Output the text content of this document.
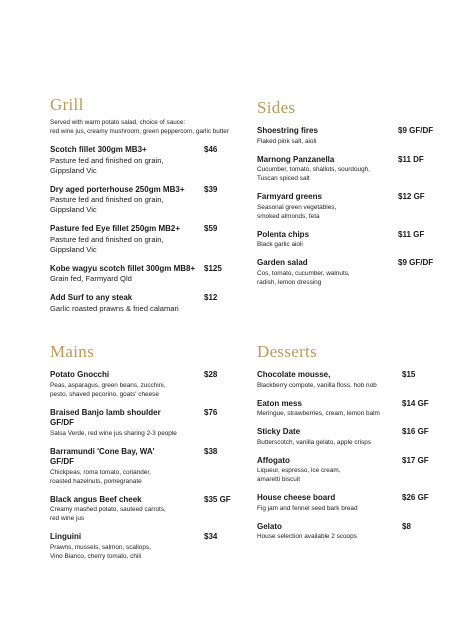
Grill
Served with warm potato salad, choice of sauce:
red wine jus, creamy mushroom, green peppercorn, garlic butter
Scotch fillet 300gm MB3+	$46
Pasture fed and finished on grain,
Gippsland Vic
Dry aged porterhouse 250gm MB3+	$39
Pasture fed and finished on grain,
Gippsland Vic
Pasture fed Eye fillet 250gm MB2+	$59
Pasture fed and finished on grain,
Gippsland Vic
Kobe wagyu scotch fillet 300gm MB8+	$125
Grain fed, Farmyard Qld
Add Surf to any steak	$12
Garlic roasted prawns & fried calamari
Sides
Shoestring fires	$9 GF/DF
Flaked pink salt, aioli
Marnong Panzanella	$11 DF
Cucumber, tomato, shallots, sourdough,
Tuscan spiced salt
Farmyard greens	$12 GF
Seasonal green vegetables,
smoked almonds, feta
Polenta chips	$11 GF
Black garlic aioli
Garden salad	$9 GF/DF
Cos, tomato, cucumber, walnuts,
radish, lemon dressing
Mains
Potato Gnocchi	$28
Peas, asparagus, green beans, zucchini,
pesto, shaved pecorino, goats' cheese
Braised Banjo lamb shoulder	$76
GF/DF
Salsa Verde, red wine jus sharing 2-3 people
Barramundi 'Cone Bay, WA'	$38
GF/DF
Chickpeas, roma tomato, coriander,
roasted hazelnuts, pomegranate
Black angus Beef cheek	$35 GF
Creamy mashed potato, sauteed carrots,
red wine jus
Linguini	$34
Prawns, mussels, salmon, scallops,
Vino Bianco, cherry tomato, chili
Desserts
Chocolate mousse,	$15
Blackberry compote, vanilla floss, hob nob
Eaton mess	$14 GF
Meringue, strawberries, cream, lemon balm
Sticky Date	$16 GF
Butterscotch, vanilla gelato, apple crisps
Affogato	$17 GF
Liqueur, espresso, ice cream,
amaretti biscuit
House cheese board	$26 GF
Fig jam and fennel seed bark bread
Gelato	$8
House selection available 2 scoops
